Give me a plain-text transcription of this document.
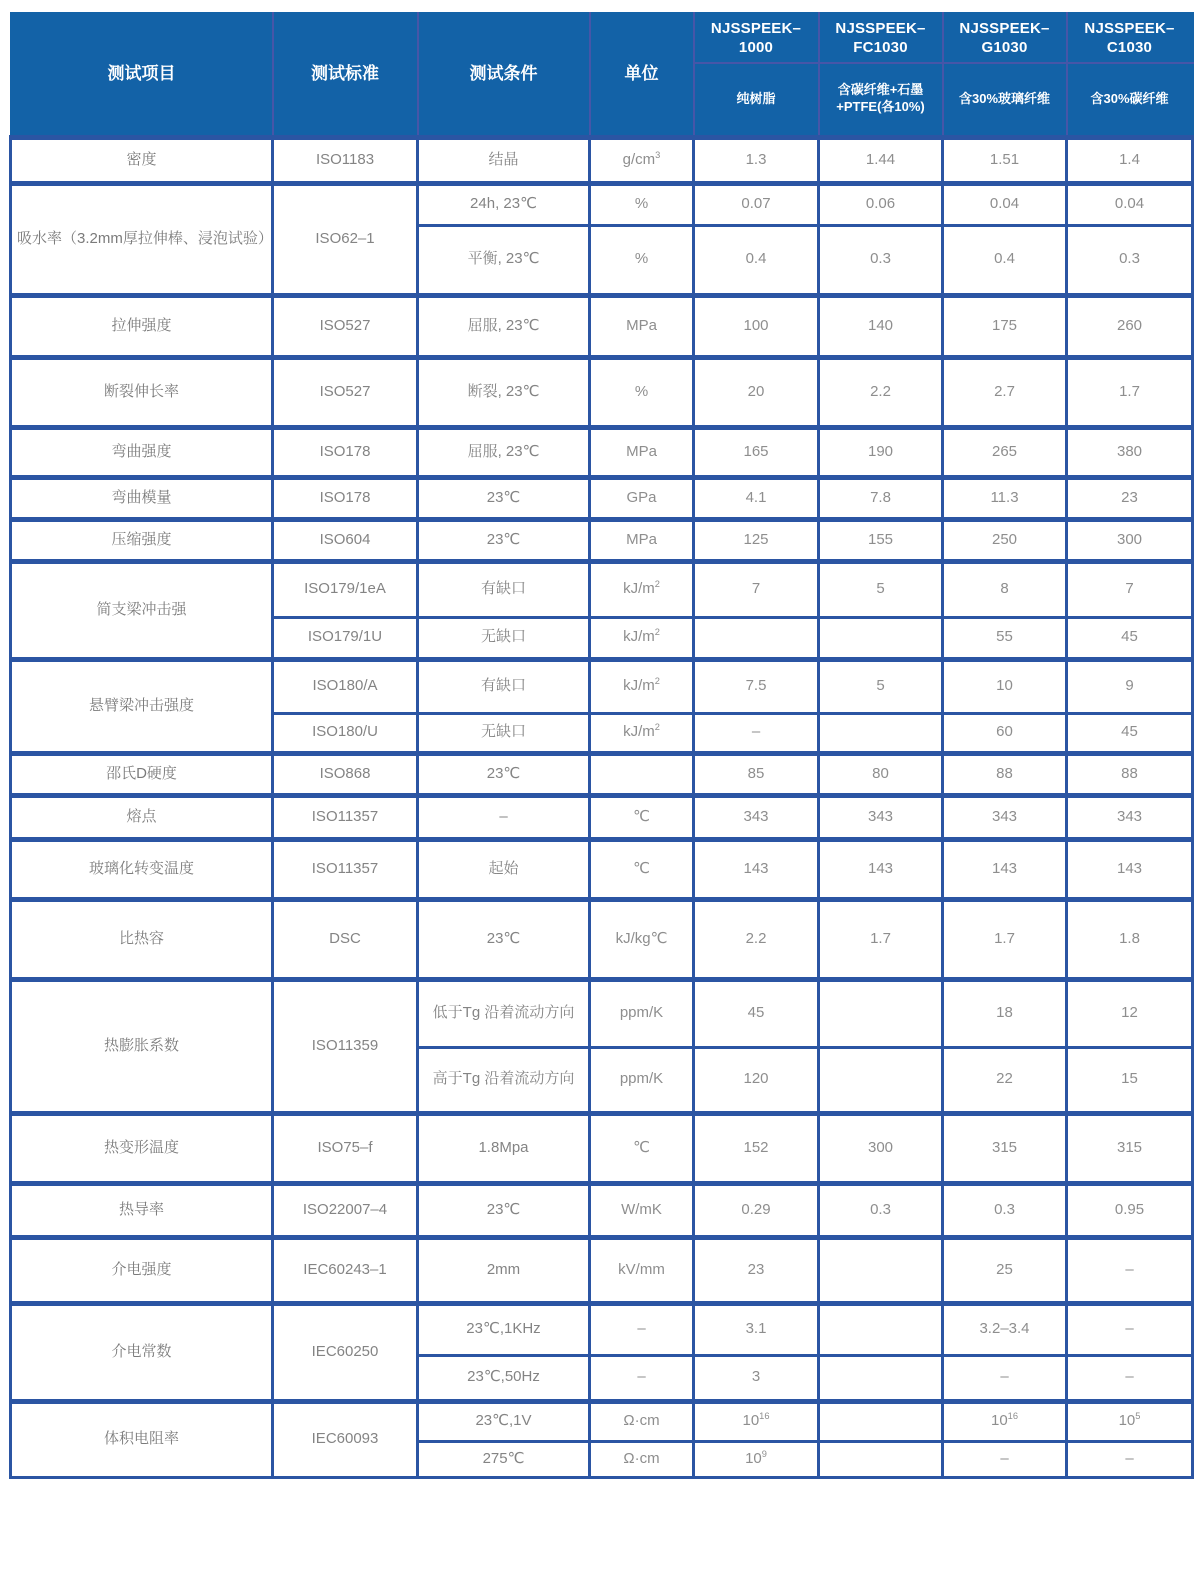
测试项目	测试标准	测试条件	单位	NJSSPEEK–1000	NJSSPEEK–FC1030	NJSSPEEK–G1030	NJSSPEEK–C1030
				纯树脂	含碳纤维+石墨+PTFE(各10%)	含30%玻璃纤维	含30%碳纤维
密度	ISO1183	结晶	$g/cm^3$	1.3	1.44	1.51	1.4
吸水率（3.2mm厚拉伸棒、浸泡试验）	ISO62–1	24h, 23℃	%	0.07	0.06	0.04	0.04
		平衡, 23℃	%	0.4	0.3	0.4	0.3
拉伸强度	ISO527	屈服, 23℃	MPa	100	140	175	260
断裂伸长率	ISO527	断裂, 23℃	%	20	2.2	2.7	1.7
弯曲强度	ISO178	屈服, 23℃	MPa	165	190	265	380
弯曲模量	ISO178	23℃	GPa	4.1	7.8	11.3	23
压缩强度	ISO604	23℃	MPa	125	155	250	300
简支梁冲击强	ISO179/1eA	有缺口	$kJ/m^2$	7	5	8	7
	ISO179/1U	无缺口	$kJ/m^2$			55	45
悬臂梁冲击强度	ISO180/A	有缺口	$kJ/m^2$	7.5	5	10	9
	ISO180/U	无缺口	$kJ/m^2$	–		60	45
邵氏D硬度	ISO868	23℃		85	80	88	88
熔点	ISO11357	–	℃	343	343	343	343
玻璃化转变温度	ISO11357	起始	℃	143	143	143	143
比热容	DSC	23℃	kJ/kg℃	2.2	1.7	1.7	1.8
热膨胀系数	ISO11359	低于Tg 沿着流动方向	ppm/K	45		18	12
		高于Tg 沿着流动方向	ppm/K	120		22	15
热变形温度	ISO75–f	1.8Mpa	℃	152	300	315	315
热导率	ISO22007–4	23℃	W/mK	0.29	0.3	0.3	0.95
介电强度	IEC60243–1	2mm	kV/mm	23		25	–
介电常数	IEC60250	23℃,1KHz	–	3.1		3.2–3.4	–
		23℃,50Hz	–	3		–	–
体积电阻率	IEC60093	23℃,1V	Ω·cm	$10^{16}$		$10^{16}$	$10^5$
		275℃	Ω·cm	$10^9$		–	–
